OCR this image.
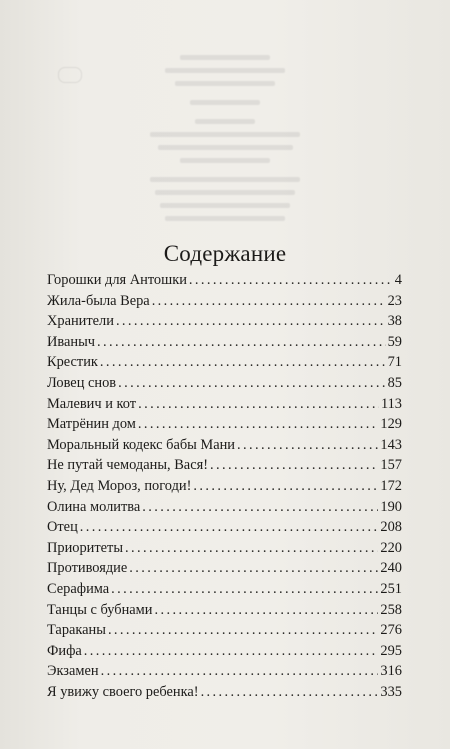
Содержание
Горошки для Антошки . . .	4
Жила-была Вера . . .	23
Хранители . . .	38
Иваныч . . .	59
Крестик . . .	71
Ловец снов . . .	85
Малевич и кот . . .	113
Матрёнин дом . . .	129
Моральный кодекс бабы Мани . . .	143
Не путай чемоданы, Вася! . . .	157
Ну, Дед Мороз, погоди! . . .	172
Олина молитва . . .	190
Отец . . .	208
Приоритеты . . .	220
Противоядие . . .	240
Серафима . . .	251
Танцы с бубнами . . .	258
Тараканы . . .	276
Фифа . . .	295
Экзамен . . .	316
Я увижу своего ребенка! . . .	335
